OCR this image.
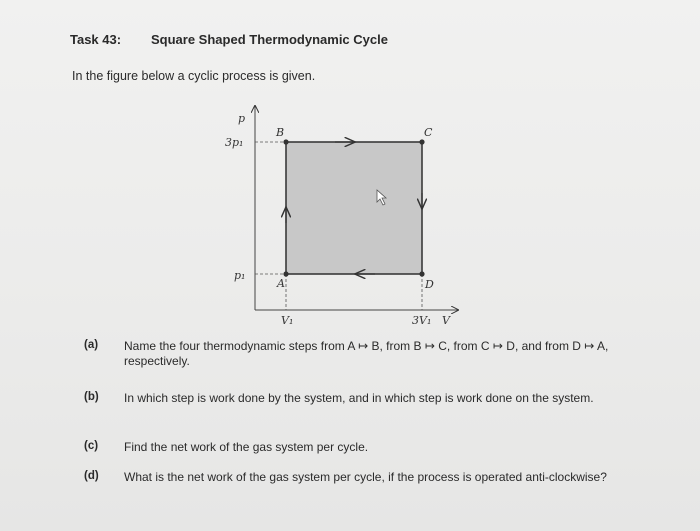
Task 43: Square Shaped Thermodynamic Cycle
In the figure below a cyclic process is given.
p
3p₁
p₁
V₁	3V₁ V
A
B	C
D
(a) Name the four thermodynamic steps from A ↦ B, from B ↦ C, from C ↦ D, and from D ↦ A, respectively.
(b) In which step is work done by the system, and in which step is work done on the system.
(c) Find the net work of the gas system per cycle.
(d) What is the net work of the gas system per cycle, if the process is operated anti-clockwise?
